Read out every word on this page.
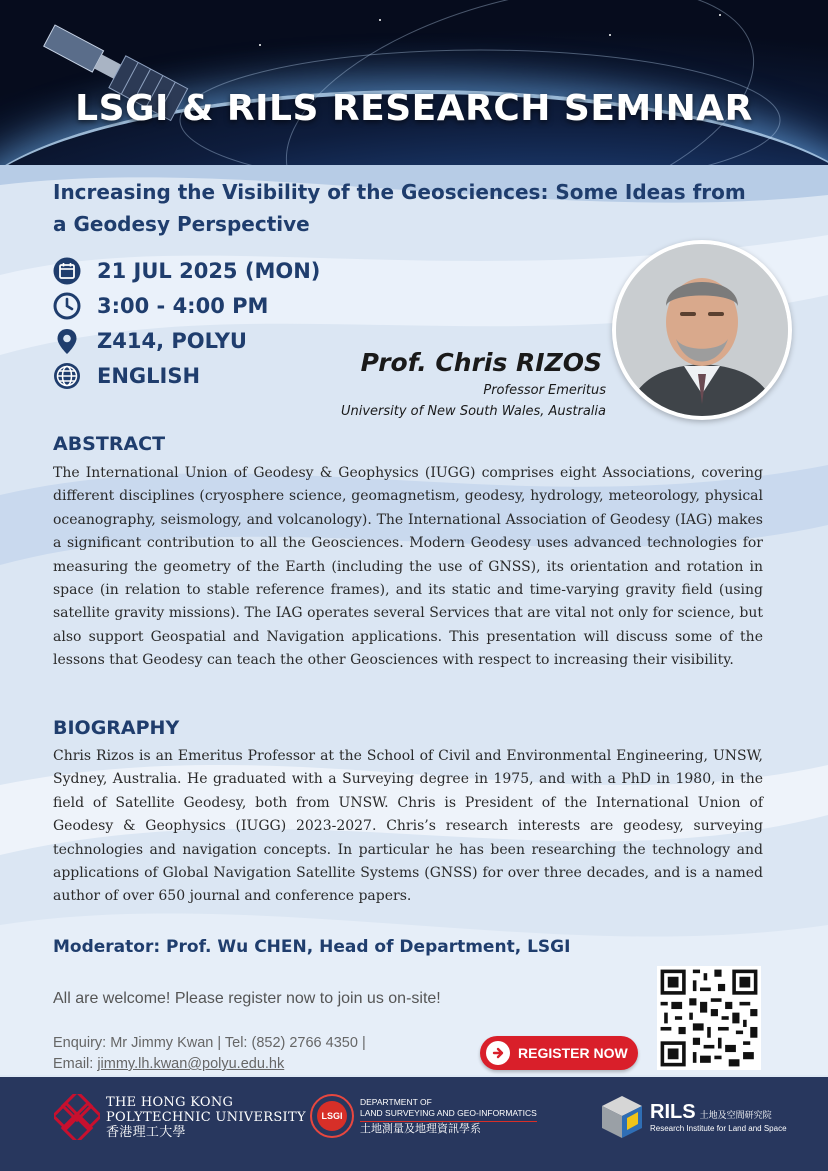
LSGI & RILS RESEARCH SEMINAR
Increasing the Visibility of the Geosciences: Some Ideas from
a Geodesy Perspective
21 JUL 2025 (MON)
3:00 - 4:00 PM
Z414, POLYU
ENGLISH	Prof. Chris RIZOS
Professor Emeritus
University of New South Wales, Australia
ABSTRACT
The International Union of Geodesy & Geophysics (IUGG) comprises eight Associations, covering different disciplines (cryosphere science, geomagnetism, geodesy, hydrology, meteorology, physical oceanography, seismology, and volcanology). The International Association of Geodesy (IAG) makes a significant contribution to all the Geosciences. Modern Geodesy uses advanced technologies for measuring the geometry of the Earth (including the use of GNSS), its orientation and rotation in space (in relation to stable reference frames), and its static and time-varying gravity field (using satellite gravity missions). The IAG operates several Services that are vital not only for science, but also support Geospatial and Navigation applications. This presentation will discuss some of the lessons that Geodesy can teach the other Geosciences with respect to increasing their visibility.
BIOGRAPHY
Chris Rizos is an Emeritus Professor at the School of Civil and Environmental Engineering, UNSW, Sydney, Australia. He graduated with a Surveying degree in 1975, and with a PhD in 1980, in the field of Satellite Geodesy, both from UNSW. Chris is President of the International Union of Geodesy & Geophysics (IUGG) 2023-2027. Chris’s research interests are geodesy, surveying technologies and navigation concepts. In particular he has been researching the technology and applications of Global Navigation Satellite Systems (GNSS) for over three decades, and is a named author of over 650 journal and conference papers.
Moderator: Prof. Wu CHEN, Head of Department, LSGI
All are welcome! Please register now to join us on-site!
Enquiry: Mr Jimmy Kwan | Tel: (852) 2766 4350 |
Email: jimmy.lh.kwan@polyu.edu.hk
REGISTER NOW
THE HONG KONG
POLYTECHNIC UNIVERSITY
香港理工大學
LSGI
DEPARTMENT OF
LAND SURVEYING AND GEO-INFORMATICS
土地測量及地理資訊學系
RILS 土地及空間研究院
Research Institute for Land and Space
